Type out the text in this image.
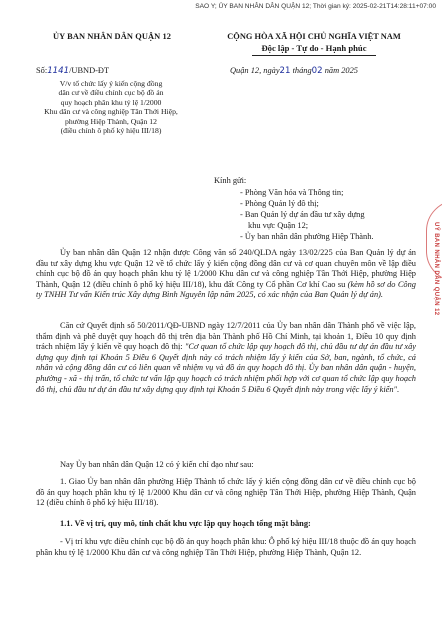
SAO Y; ỦY BAN NHÂN DÂN QUẬN 12; Thời gian ký: 2025-02-21T14:28:11+07:00
ỦY BAN NHÂN DÂN QUẬN 12	CỘNG HÒA XÃ HỘI CHỦ NGHĨA VIỆT NAM
Độc lập - Tự do - Hạnh phúc
Số:1141/UBND-ĐT	Quận 12, ngày21 tháng02 năm 2025
V/v tổ chức lấy ý kiến cộng đồng
dân cư về điều chỉnh cục bộ đồ án
quy hoạch phân khu tỷ lệ 1/2000
Khu dân cư và công nghiệp Tân Thới Hiệp,
phường Hiệp Thành, Quận 12
(điều chỉnh ô phố ký hiệu III/18)
Kính gửi:
- Phòng Văn hóa và Thông tin;
- Phòng Quản lý đô thị;
- Ban Quản lý dự án đầu tư xây dựng
khu vực Quận 12;
- Ủy ban nhân dân phường Hiệp Thành.

Ủy ban nhân dân Quận 12 nhận được Công văn số 240/QLDA ngày 13/02/225 của Ban Quản lý dự án đầu tư xây dựng khu vực Quận 12 về tổ chức lấy ý kiến cộng đồng dân cư và cơ quan chuyên môn về lập điều chỉnh cục bộ đồ án quy hoạch phân khu tỷ lệ 1/2000 Khu dân cư và công nghiệp Tân Thới Hiệp, phường Hiệp Thành, Quận 12 (điều chỉnh ô phố ký hiệu III/18), khu đất Công ty Cổ phần Cơ khí Cao su (kèm hồ sơ do Công ty TNHH Tư vấn Kiến trúc Xây dựng Bình Nguyên lập năm 2025, có xác nhận của Ban Quản lý dự án).

Căn cứ Quyết định số 50/2011/QĐ-UBND ngày 12/7/2011 của Ủy ban nhân dân Thành phố về việc lập, thẩm định và phê duyệt quy hoạch đô thị trên địa bàn Thành phố Hồ Chí Minh, tại khoản 1, Điều 10 quy định trách nhiệm lấy ý kiến về quy hoạch đô thị: "Cơ quan tổ chức lập quy hoạch đô thị, chủ đầu tư dự án đầu tư xây dựng quy định tại Khoản 5 Điều 6 Quyết định này có trách nhiệm lấy ý kiến của Sở, ban, ngành, tổ chức, cá nhân và cộng đồng dân cư có liên quan về nhiệm vụ và đồ án quy hoạch đô thị. Ủy ban nhân dân quận - huyện, phường - xã - thị trấn, tổ chức tư vấn lập quy hoạch có trách nhiệm phối hợp với cơ quan tổ chức lập quy hoạch đô thị, chủ đầu tư dự án đầu tư xây dựng quy định tại Khoản 5 Điều 6 Quyết định này trong việc lấy ý kiến".

Nay Ủy ban nhân dân Quận 12 có ý kiến chỉ đạo như sau:

1. Giao Ủy ban nhân dân phường Hiệp Thành tổ chức lấy ý kiến cộng đồng dân cư về điều chỉnh cục bộ đồ án quy hoạch phân khu tỷ lệ 1/2000 Khu dân cư và công nghiệp Tân Thới Hiệp, phường Hiệp Thành, Quận 12 (điều chỉnh ô phố ký hiệu III/18).

1.1. Về vị trí, quy mô, tính chất khu vực lập quy hoạch tổng mặt bằng:

- Vị trí khu vực điều chỉnh cục bộ đồ án quy hoạch phân khu: Ô phố ký hiệu III/18 thuộc đồ án quy hoạch phân khu tỷ lệ 1/2000 Khu dân cư và công nghiệp Tân Thới Hiệp, phường Hiệp Thành, Quận 12.

UỶ BAN NHÂN DÂN QUẬN 12
